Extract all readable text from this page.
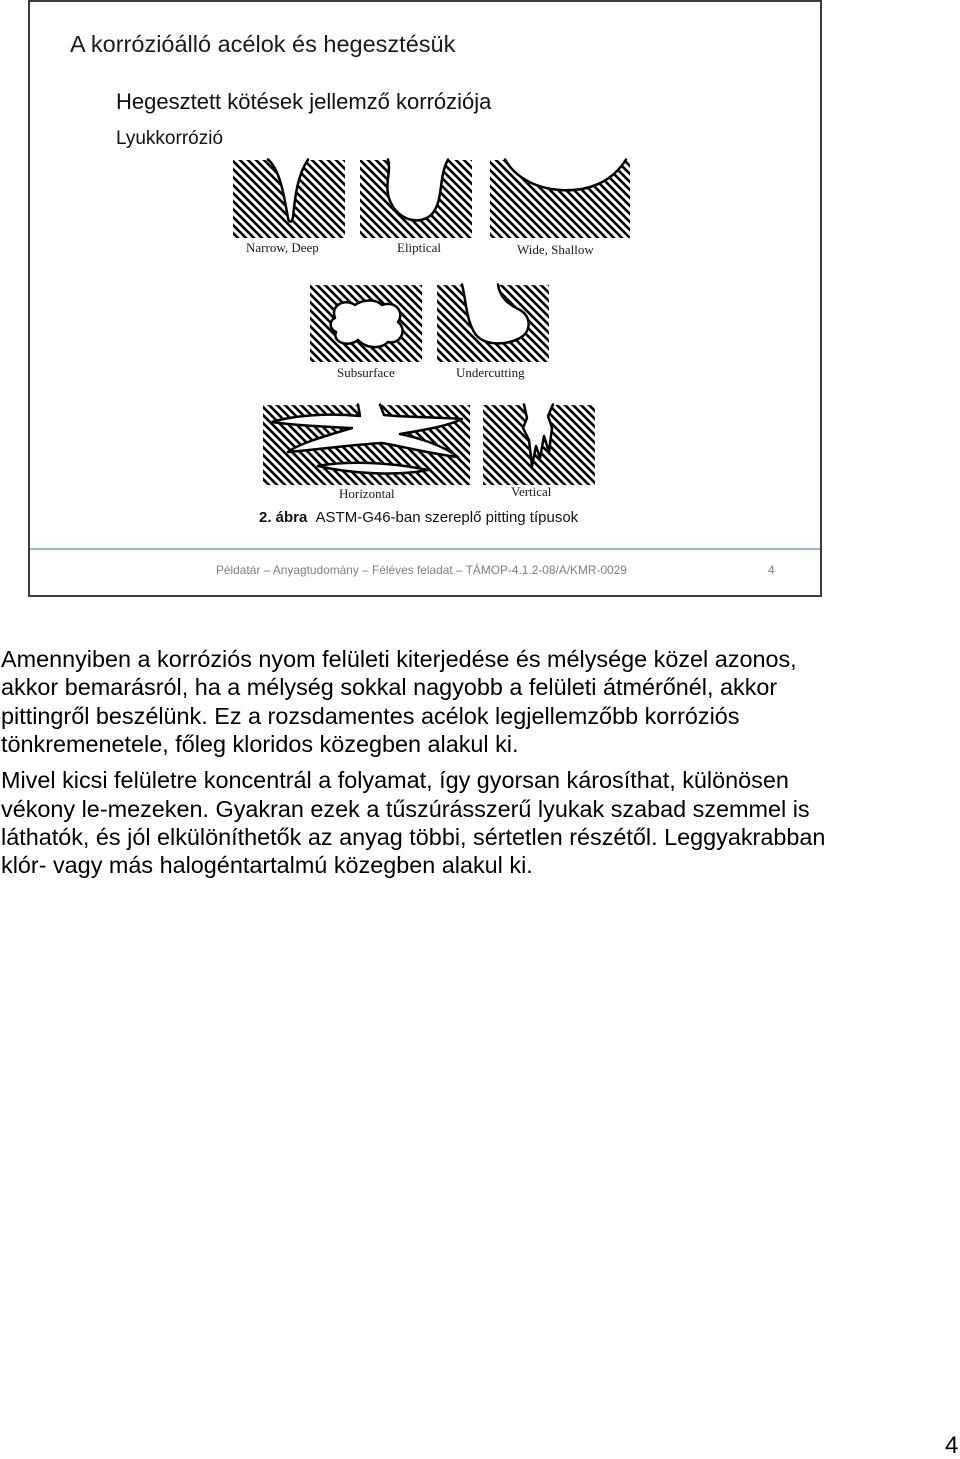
A korrózióálló acélok és hegesztésük
Hegesztett kötések jellemző korróziója
Lyukkorrózió
Narrow, Deep	Eliptical	Wide, Shallow
Subsurface	Undercutting
Horizontal	Vertical
2. ábra ASTM-G46-ban szereplő pitting típusok
Példatár – Anyagtudomány – Féléves feladat – TÁMOP-4.1.2-08/A/KMR-0029	4

Amennyiben a korróziós nyom felületi kiterjedése és mélysége közel azonos,
akkor bemarásról, ha a mélység sokkal nagyobb a felületi átmérőnél, akkor
pittingről beszélünk. Ez a rozsdamentes acélok legjellemzőbb korróziós
tönkremenetele, főleg kloridos közegben alakul ki.

Mivel kicsi felületre koncentrál a folyamat, így gyorsan károsíthat, különösen
vékony le-mezeken. Gyakran ezek a tűszúrásszerű lyukak szabad szemmel is
láthatók, és jól elkülöníthetők az anyag többi, sértetlen részétől. Leggyakrabban
klór- vagy más halogéntartalmú közegben alakul ki.

4
